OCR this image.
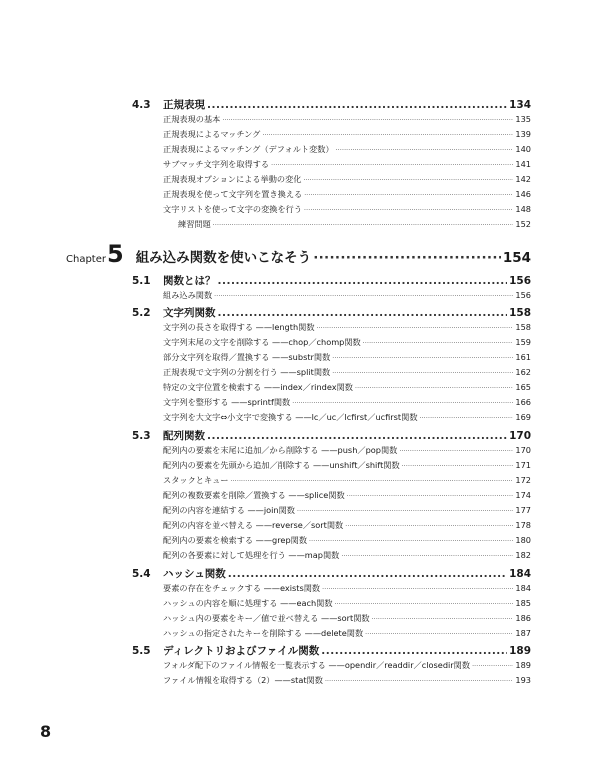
4.3	正規表現 .....	134
正規表現の基本 ·····	135
正規表現によるマッチング ·····	139
正規表現によるマッチング（デフォルト変数） ·····	140
サブマッチ文字列を取得する ·····	141
正規表現オプションによる挙動の変化 ·····	142
正規表現を使って文字列を置き換える ·····	146
文字リストを使って文字の変換を行う ·····	148
練習問題 ·····	152
Chapter 5 組み込み関数を使いこなそう ·····	154
5.1	関数とは？ .....	156
組み込み関数 ·····	156
5.2	文字列関数 .....	158
文字列の長さを取得する ——length関数 ·····	158
文字列末尾の文字を削除する ——chop／chomp関数 ·····	159
部分文字列を取得／置換する ——substr関数 ·····	161
正規表現で文字列の分割を行う ——split関数 ·····	162
特定の文字位置を検索する ——index／rindex関数 ·····	165
文字列を整形する ——sprintf関数 ·····	166
文字列を大文字⇔小文字で変換する ——lc／uc／lcfirst／ucfirst関数 ·····	169
5.3	配列関数 .....	170
配列内の要素を末尾に追加／から削除する ——push／pop関数 ·····	170
配列内の要素を先頭から追加／削除する ——unshift／shift関数 ·····	171
スタックとキュー ·····	172
配列の複数要素を削除／置換する ——splice関数 ·····	174
配列の内容を連結する ——join関数 ·····	177
配列の内容を並べ替える ——reverse／sort関数 ·····	178
配列内の要素を検索する ——grep関数 ·····	180
配列の各要素に対して処理を行う ——map関数 ·····	182
5.4	ハッシュ関数 .....	184
要素の存在をチェックする ——exists関数 ·····	184
ハッシュの内容を順に処理する ——each関数 ·····	185
ハッシュ内の要素をキー／値で並べ替える ——sort関数 ·····	186
ハッシュの指定されたキーを削除する ——delete関数 ·····	187
5.5	ディレクトリおよびファイル関数 .....	189
フォルダ配下のファイル情報を一覧表示する ——opendir／readdir／closedir関数 ·····	189
ファイル情報を取得する（2）——stat関数 ·····	193
8
